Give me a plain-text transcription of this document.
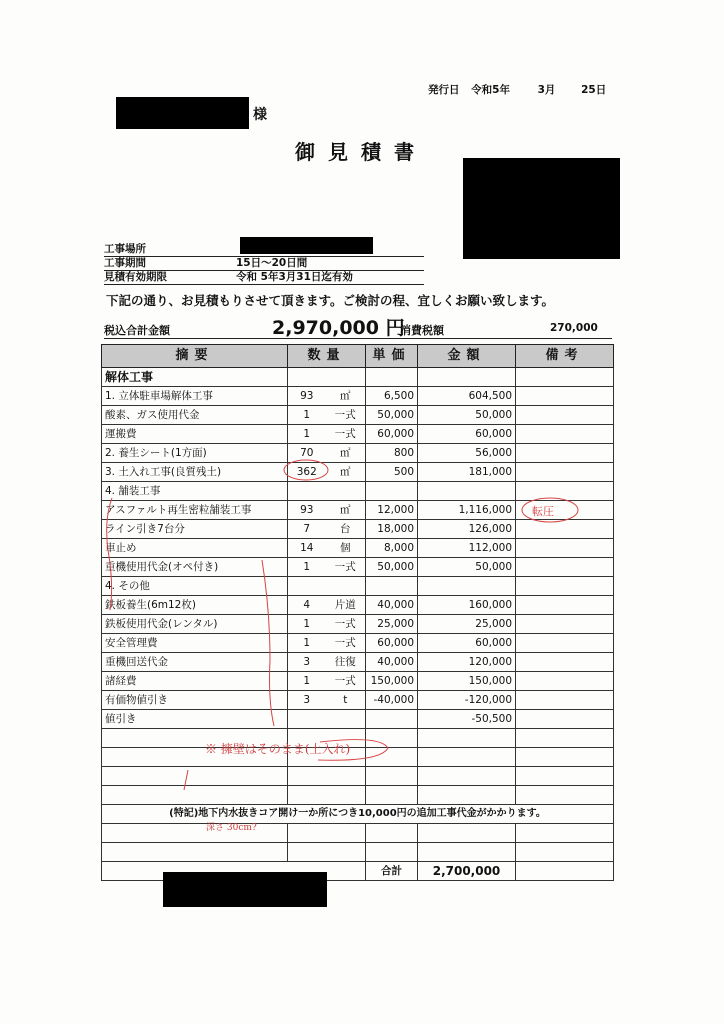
発行日 令和5年	3月 25日
様
御見積書
工事場所
工事期間	15日～20日間
見積有効期限	令和 5年3月31日迄有効
下記の通り、お見積もりさせて頂きます。ご検討の程、宜しくお願い致します。
税込合計金額	2,970,000 円
消費税額	270,000
摘要	数量		単価	金額	備考
解体工事					
1. 立体駐車場解体工事	93	㎡	6,500	604,500	
酸素、ガス使用代金	1	一式	50,000	50,000	
運搬費	1	一式	60,000	60,000	
2. 養生シート(1方面)	70	㎡	800	56,000	
3. 土入れ工事(良質残土)	362	㎥	500	181,000	
4. 舗装工事					
アスファルト再生密粒舗装工事	93	㎡	12,000	1,116,000	
ライン引き7台分	7	台	18,000	126,000	
車止め	14	個	8,000	112,000	
重機使用代金(オペ付き)	1	一式	50,000	50,000	
4. その他					
鉄板養生(6m12枚)	4	片道	40,000	160,000	
鉄板使用代金(レンタル)	1	一式	25,000	25,000	
安全管理費	1	一式	60,000	60,000	
重機回送代金	3	往復	40,000	120,000	
諸経費	1	一式	150,000	150,000	
有価物値引き	3	t	-40,000	-120,000	
値引き				-50,500	

(特記)地下内水抜きコア開け一か所につき10,000円の追加工事代金がかかります。					

			合計	2,700,000	
転圧
※ 擁壁はそのまま(土入れ)
深さ 30cm?
